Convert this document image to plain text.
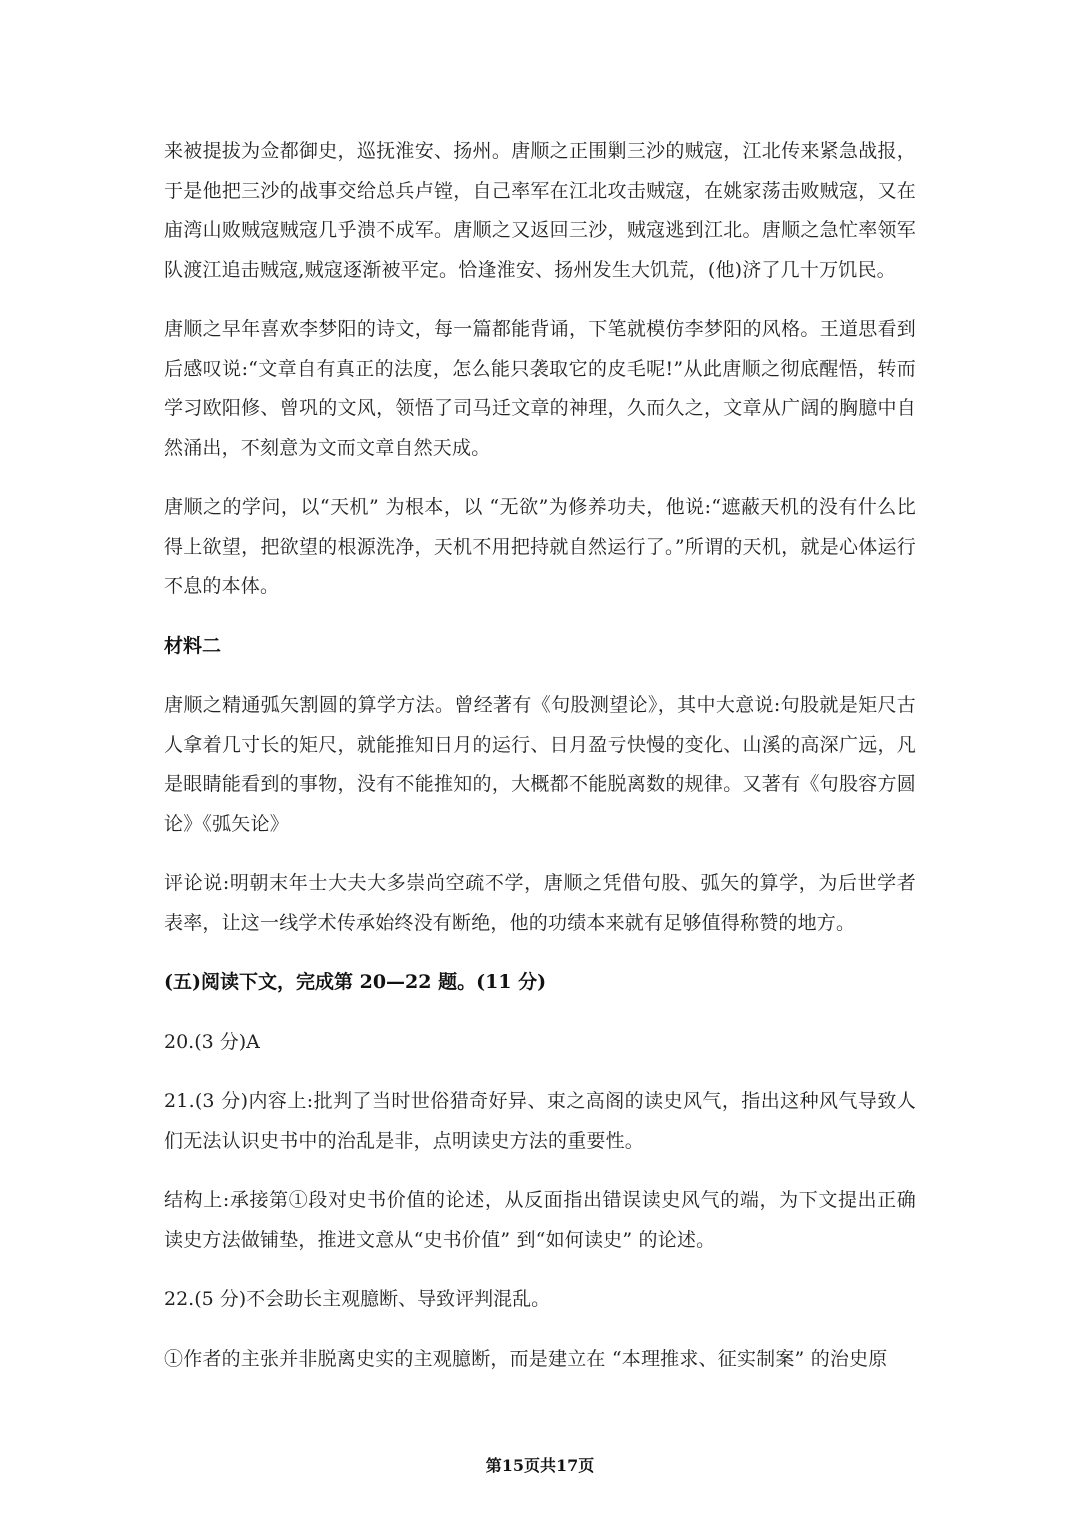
来被提拔为佥都御史，巡抚淮安、扬州。唐顺之正围剿三沙的贼寇，江北传来紧急战报，于是他把三沙的战事交给总兵卢镗，自己率军在江北攻击贼寇，在姚家荡击败贼寇，又在庙湾山败贼寇贼寇几乎溃不成军。唐顺之又返回三沙，贼寇逃到江北。唐顺之急忙率领军队渡江追击贼寇,贼寇逐渐被平定。恰逢淮安、扬州发生大饥荒，(他)济了几十万饥民。

唐顺之早年喜欢李梦阳的诗文，每一篇都能背诵，下笔就模仿李梦阳的风格。王道思看到后感叹说:“文章自有真正的法度，怎么能只袭取它的皮毛呢!”从此唐顺之彻底醒悟，转而学习欧阳修、曾巩的文风，领悟了司马迁文章的神理，久而久之，文章从广阔的胸臆中自然涌出，不刻意为文而文章自然天成。

唐顺之的学问，以“天机” 为根本，以 “无欲”为修养功夫，他说:“遮蔽天机的没有什么比得上欲望，把欲望的根源洗净，天机不用把持就自然运行了。”所谓的天机，就是心体运行不息的本体。

材料二

唐顺之精通弧矢割圆的算学方法。曾经著有《句股测望论》，其中大意说:句股就是矩尺古人拿着几寸长的矩尺，就能推知日月的运行、日月盈亏快慢的变化、山溪的高深广远，凡是眼睛能看到的事物，没有不能推知的，大概都不能脱离数的规律。又著有《句股容方圆论》《弧矢论》

评论说:明朝末年士大夫大多崇尚空疏不学，唐顺之凭借句股、弧矢的算学，为后世学者表率，让这一线学术传承始终没有断绝，他的功绩本来就有足够值得称赞的地方。

(五)阅读下文，完成第 20—22 题。(11 分)

20.(3 分)A

21.(3 分)内容上:批判了当时世俗猎奇好异、束之高阁的读史风气，指出这种风气导致人们无法认识史书中的治乱是非，点明读史方法的重要性。

结构上:承接第①段对史书价值的论述，从反面指出错误读史风气的端，为下文提出正确读史方法做铺垫，推进文意从“史书价值” 到“如何读史” 的论述。

22.(5 分)不会助长主观臆断、导致评判混乱。

①作者的主张并非脱离史实的主观臆断，而是建立在 “本理推求、征实制案” 的治史原

第15页共17页
